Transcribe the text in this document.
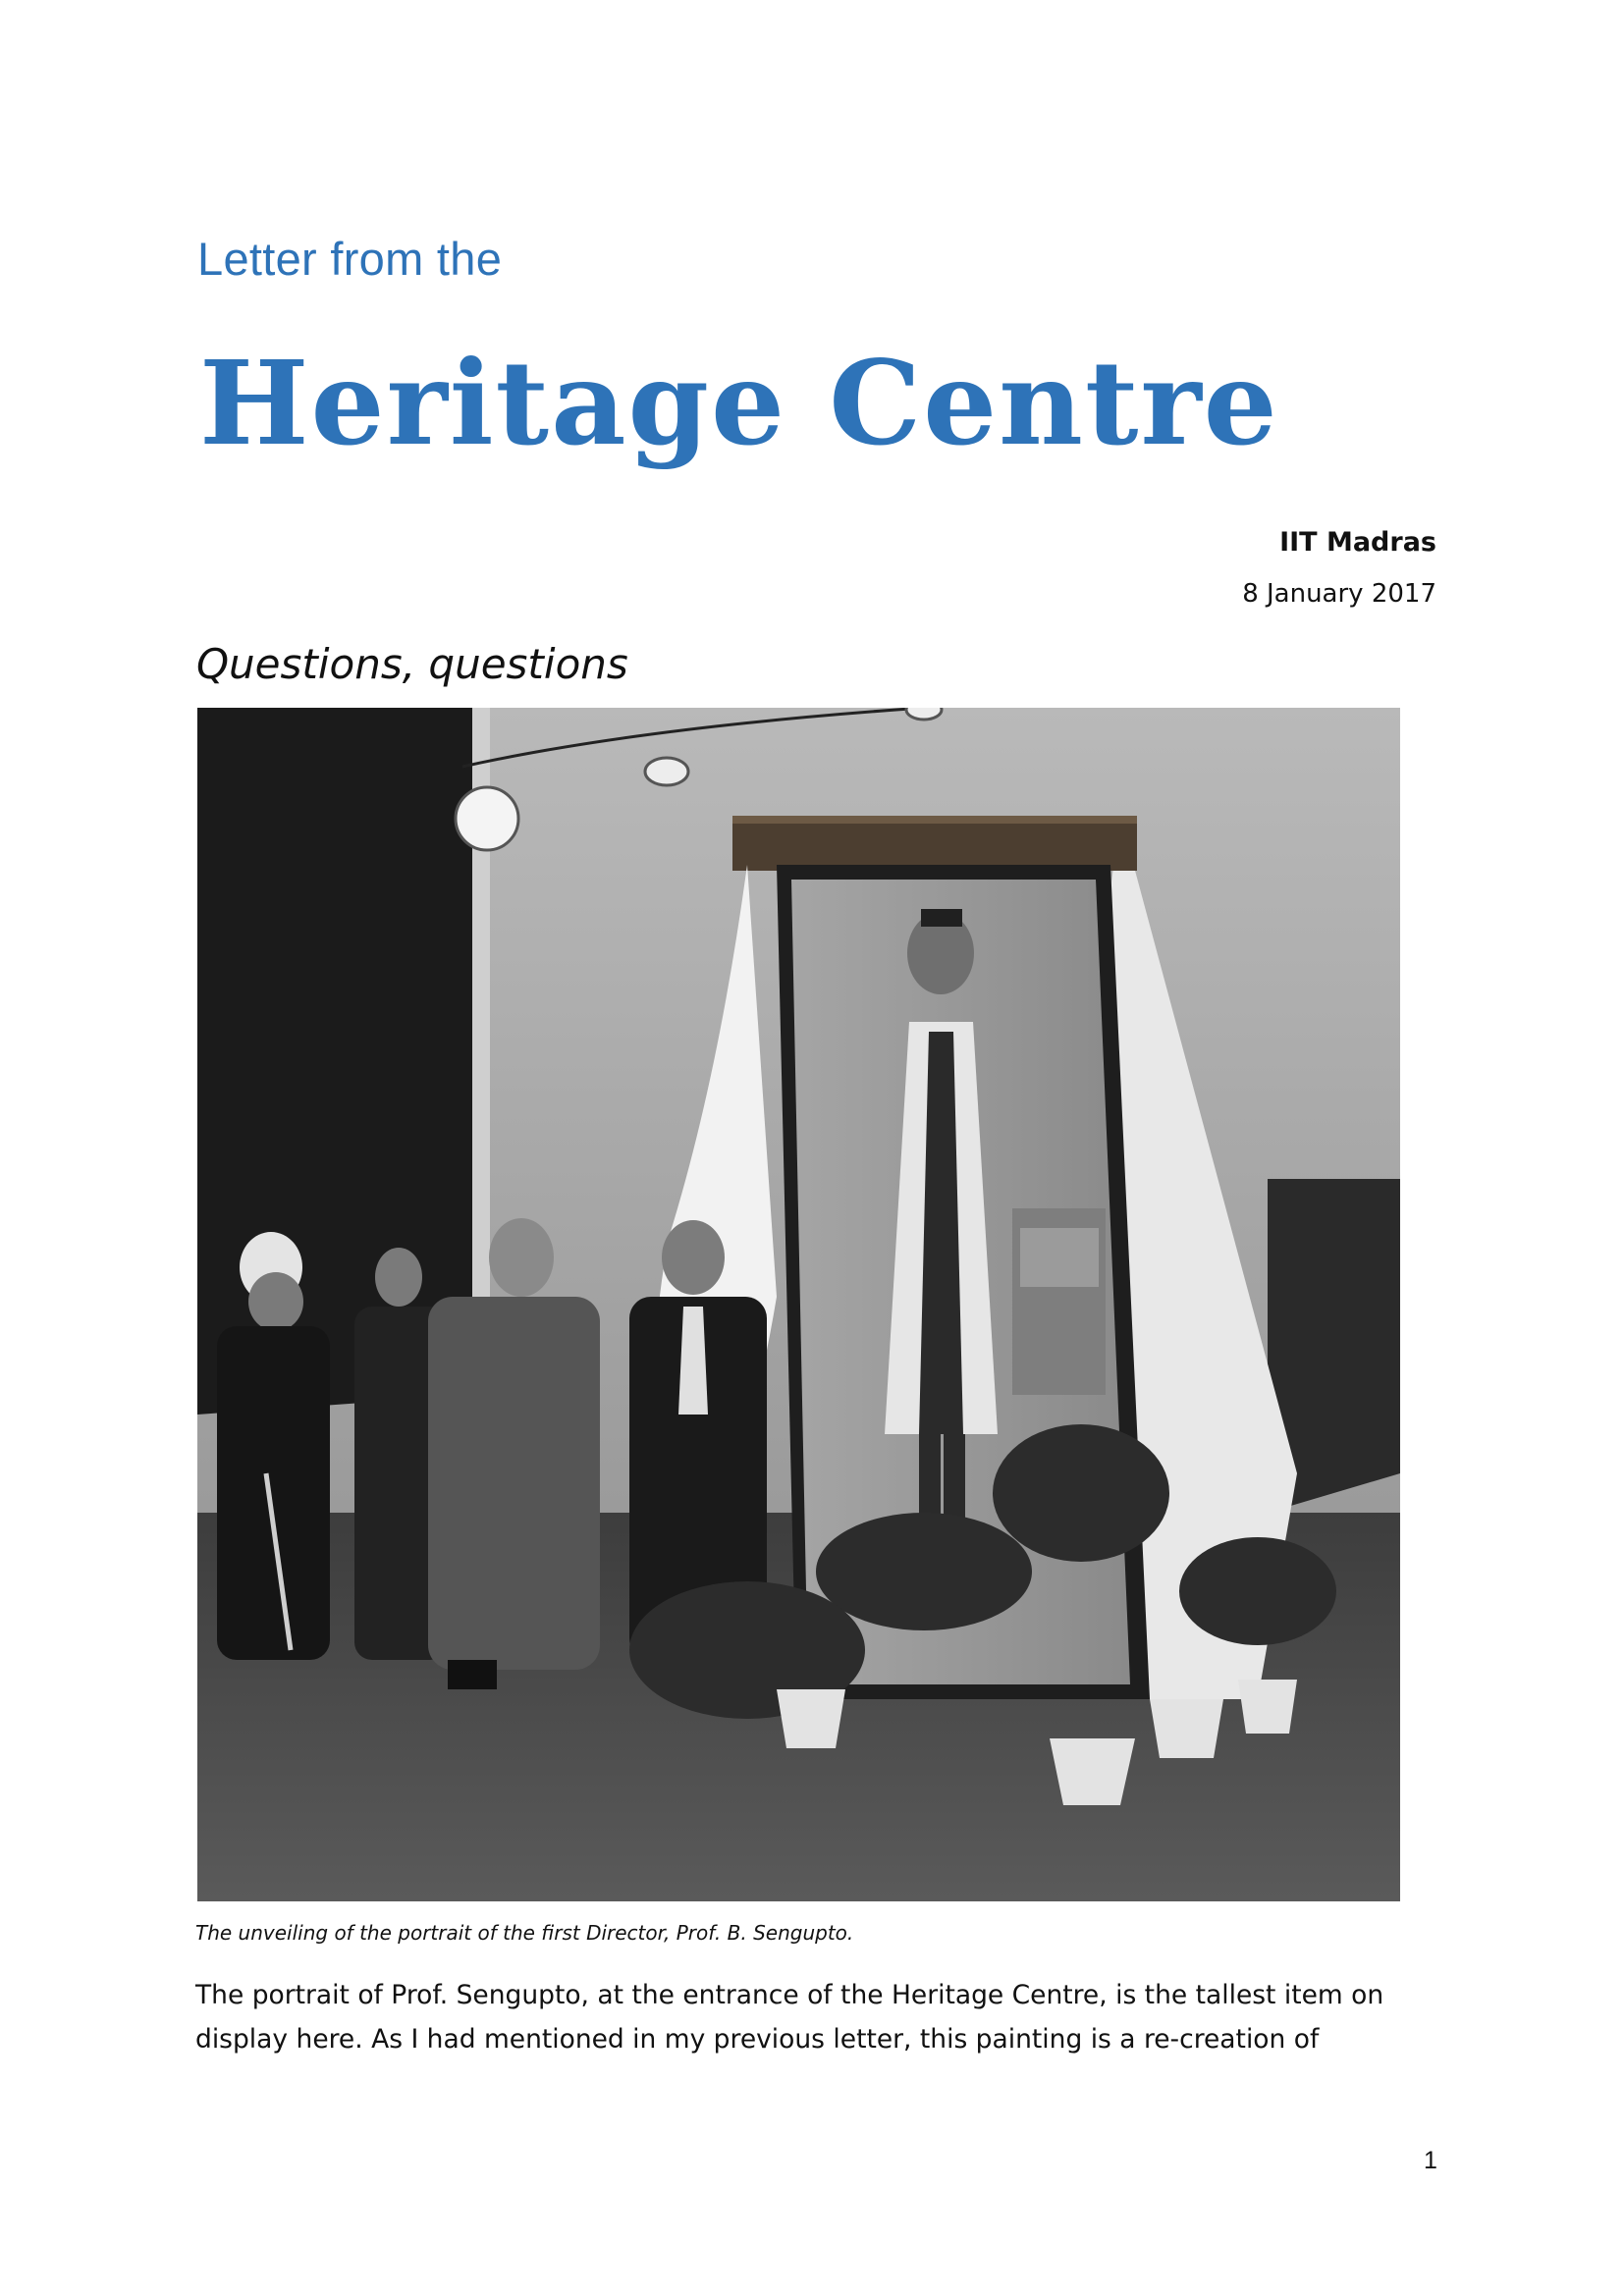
Letter from the
Heritage Centre

IIT Madras

8 January 2017

Questions, questions

The unveiling of the portrait of the first Director, Prof. B. Sengupto.

The portrait of Prof. Sengupto, at the entrance of the Heritage Centre, is the tallest item on
display here. As I had mentioned in my previous letter, this painting is a re-creation of

1
